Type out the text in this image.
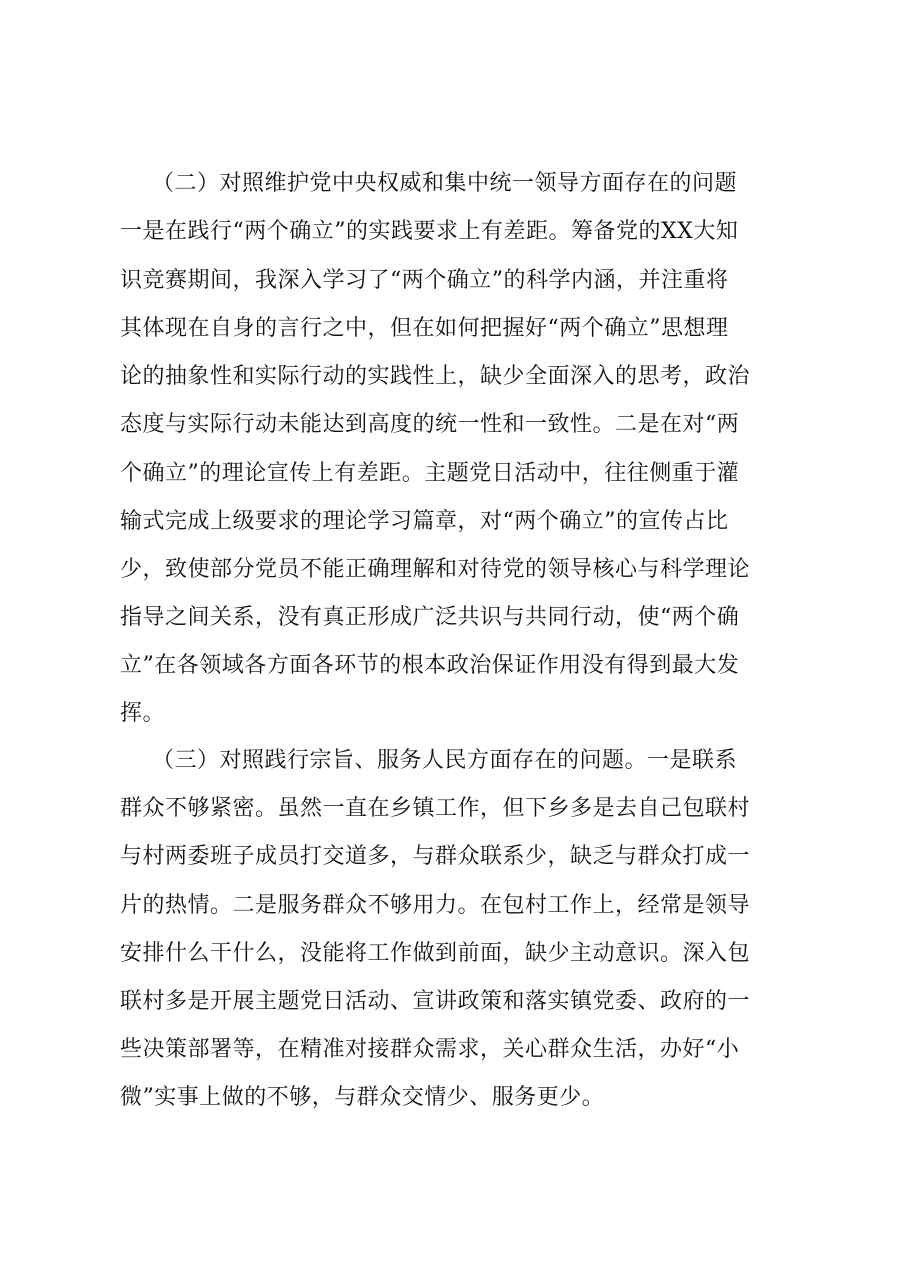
（二）对照维护党中央权威和集中统一领导方面存在的问题
一是在践行“两个确立”的实践要求上有差距。筹备党的XX大知
识竞赛期间，我深入学习了“两个确立”的科学内涵，并注重将
其体现在自身的言行之中，但在如何把握好“两个确立”思想理
论的抽象性和实际行动的实践性上，缺少全面深入的思考，政治
态度与实际行动未能达到高度的统一性和一致性。二是在对“两
个确立”的理论宣传上有差距。主题党日活动中，往往侧重于灌
输式完成上级要求的理论学习篇章，对“两个确立”的宣传占比
少，致使部分党员不能正确理解和对待党的领导核心与科学理论
指导之间关系，没有真正形成广泛共识与共同行动，使“两个确
立”在各领域各方面各环节的根本政治保证作用没有得到最大发
挥。
（三）对照践行宗旨、服务人民方面存在的问题。一是联系
群众不够紧密。虽然一直在乡镇工作，但下乡多是去自己包联村
与村两委班子成员打交道多，与群众联系少，缺乏与群众打成一
片的热情。二是服务群众不够用力。在包村工作上，经常是领导
安排什么干什么，没能将工作做到前面，缺少主动意识。深入包
联村多是开展主题党日活动、宣讲政策和落实镇党委、政府的一
些决策部署等，在精准对接群众需求，关心群众生活，办好“小
微”实事上做的不够，与群众交情少、服务更少。
